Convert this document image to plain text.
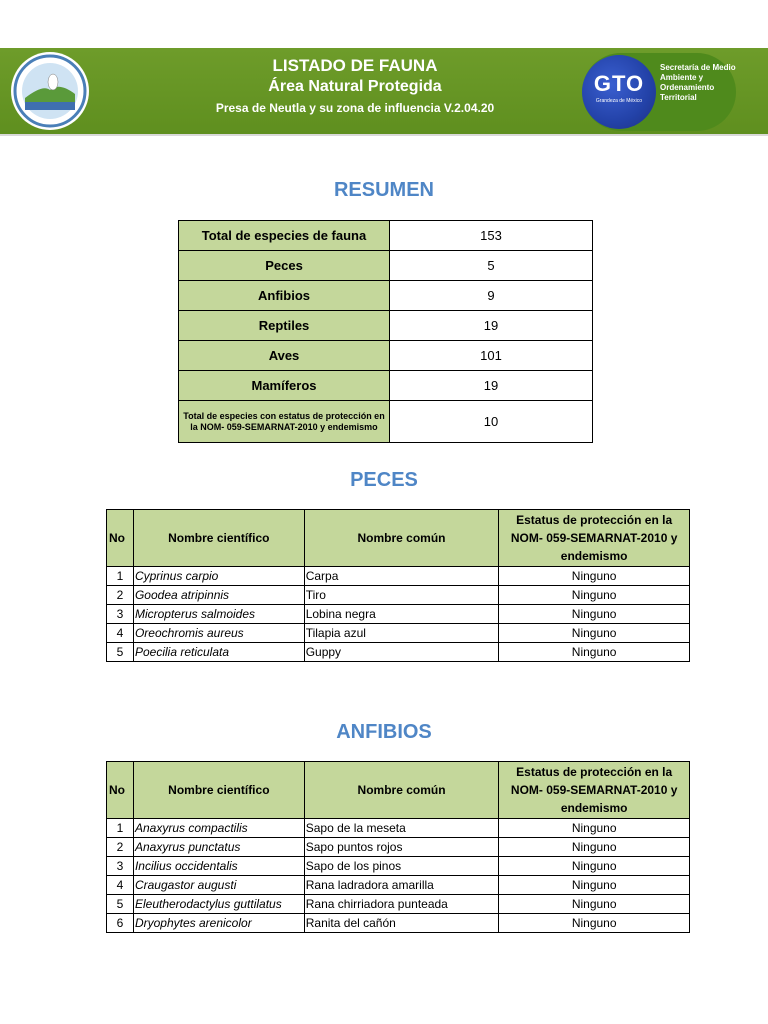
LISTADO DE FAUNA
Área Natural Protegida
Presa de Neutla y su zona de influencia V.2.04.20
GTO
Grandeza de México
Secretaría de Medio Ambiente y Ordenamiento Territorial
RESUMEN
Total de especies de fauna	153
Peces	5
Anfibios	9
Reptiles	19
Aves	101
Mamíferos	19
Total de especies con estatus de protección en la NOM- 059-SEMARNAT-2010 y endemismo	10
PECES
No	Nombre científico	Nombre común	Estatus de protección en la NOM- 059-SEMARNAT-2010 y endemismo
1	Cyprinus carpio	Carpa	Ninguno
2	Goodea atripinnis	Tiro	Ninguno
3	Micropterus salmoides	Lobina negra	Ninguno
4	Oreochromis aureus	Tilapia azul	Ninguno
5	Poecilia reticulata	Guppy	Ninguno
ANFIBIOS
No	Nombre científico	Nombre común	Estatus de protección en la NOM- 059-SEMARNAT-2010 y endemismo
1	Anaxyrus compactilis	Sapo de la meseta	Ninguno
2	Anaxyrus punctatus	Sapo puntos rojos	Ninguno
3	Incilius occidentalis	Sapo de los pinos	Ninguno
4	Craugastor augusti	Rana ladradora amarilla	Ninguno
5	Eleutherodactylus guttilatus	Rana chirriadora punteada	Ninguno
6	Dryophytes arenicolor	Ranita del cañón	Ninguno
